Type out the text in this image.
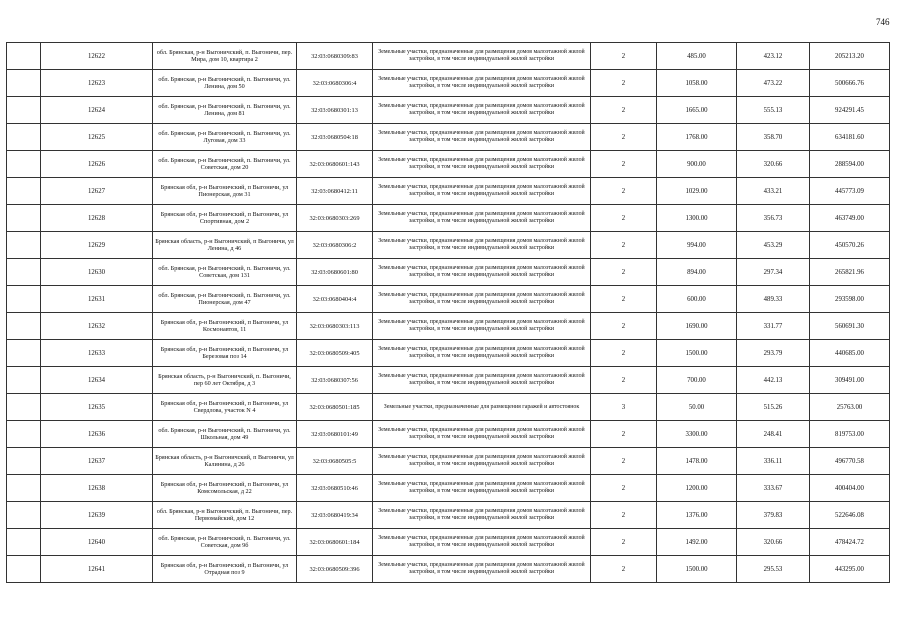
746
	12622	обл. Брянская, р-н Выгоничский, п. Выгоничи, пер. Мира, дом 10, квартира 2	32:03:0680309:83	Земельные участки, предназначенные для размещения домов малоэтажной жилой застройки, в том числе индивидуальной жилой застройки	2	485.00	423.12	205213.20
	12623	обл. Брянская, р-н Выгоничский, п. Выгоничи, ул. Ленина, дом 50	32:03:0680306:4	Земельные участки, предназначенные для размещения домов малоэтажной жилой застройки, в том числе индивидуальной жилой застройки	2	1058.00	473.22	500666.76
	12624	обл. Брянская, р-н Выгоничский, п. Выгоничи, ул. Ленина, дом 81	32:03:0680301:13	Земельные участки, предназначенные для размещения домов малоэтажной жилой застройки, в том числе индивидуальной жилой застройки	2	1665.00	555.13	924291.45
	12625	обл. Брянская, р-н Выгоничский, п. Выгоничи, ул. Луговая, дом 33	32:03:0680504:18	Земельные участки, предназначенные для размещения домов малоэтажной жилой застройки, в том числе индивидуальной жилой застройки	2	1768.00	358.70	634181.60
	12626	обл. Брянская, р-н Выгоничский, п. Выгоничи, ул. Советская, дом 20	32:03:0680601:143	Земельные участки, предназначенные для размещения домов малоэтажной жилой застройки, в том числе индивидуальной жилой застройки	2	900.00	320.66	288594.00
	12627	Брянская обл, р-н Выгоничский, п Выгоничи, ул Пионерская, дом 31	32:03:0680412:11	Земельные участки, предназначенные для размещения домов малоэтажной жилой застройки, в том числе индивидуальной жилой застройки	2	1029.00	433.21	445773.09
	12628	Брянская обл, р-н Выгоничский, п Выгоничи, ул Спортивная, дом 2	32:03:0680303:269	Земельные участки, предназначенные для размещения домов малоэтажной жилой застройки, в том числе индивидуальной жилой застройки	2	1300.00	356.73	463749.00
	12629	Брянская область, р-н Выгоничский, п Выгоничи, ул Ленина, д 46	32:03:0680306:2	Земельные участки, предназначенные для размещения домов малоэтажной жилой застройки, в том числе индивидуальной жилой застройки	2	994.00	453.29	450570.26
	12630	обл. Брянская, р-н Выгоничский, п. Выгоничи, ул. Советская, дом 131	32:03:0680601:80	Земельные участки, предназначенные для размещения домов малоэтажной жилой застройки, в том числе индивидуальной жилой застройки	2	894.00	297.34	265821.96
	12631	обл. Брянская, р-н Выгоничский, п. Выгоничи, ул. Пионерская, дом 47	32:03:0680404:4	Земельные участки, предназначенные для размещения домов малоэтажной жилой застройки, в том числе индивидуальной жилой застройки	2	600.00	489.33	293598.00
	12632	Брянская обл, р-н Выгоничский, п Выгоничи, ул Космонавтов, 11	32:03:0680303:113	Земельные участки, предназначенные для размещения домов малоэтажной жилой застройки, в том числе индивидуальной жилой застройки	2	1690.00	331.77	560691.30
	12633	Брянская обл, р-н Выгоничский, п Выгоничи, ул Березовая поз 14	32:03:0680509:405	Земельные участки, предназначенные для размещения домов малоэтажной жилой застройки, в том числе индивидуальной жилой застройки	2	1500.00	293.79	440685.00
	12634	Брянская область, р-н Выгоничский, п. Выгоничи, пер 60 лет Октября, д 3	32:03:0680307:56	Земельные участки, предназначенные для размещения домов малоэтажной жилой застройки, в том числе индивидуальной жилой застройки	2	700.00	442.13	309491.00
	12635	Брянская обл, р-н Выгоничский, п Выгоничи, ул Свердлова, участок N 4	32:03:0680501:185	Земельные участки, предназначенные для размещения гаражей и автостоянок	3	50.00	515.26	25763.00
	12636	обл. Брянская, р-н Выгоничский, п. Выгоничи, ул. Школьная, дом 49	32:03:0680101:49	Земельные участки, предназначенные для размещения домов малоэтажной жилой застройки, в том числе индивидуальной жилой застройки	2	3300.00	248.41	819753.00
	12637	Брянская область, р-н Выгоничский, п Выгоничи, ул Калинина, д 26	32:03:0680505:5	Земельные участки, предназначенные для размещения домов малоэтажной жилой застройки, в том числе индивидуальной жилой застройки	2	1478.00	336.11	496770.58
	12638	Брянская обл, р-н Выгоничский, п Выгоничи, ул Комсомольская, д 22	32:03:0680510:46	Земельные участки, предназначенные для размещения домов малоэтажной жилой застройки, в том числе индивидуальной жилой застройки	2	1200.00	333.67	400404.00
	12639	обл. Брянская, р-н Выгоничский, п. Выгоничи, пер. Первомайский, дом 12	32:03:0680419:34	Земельные участки, предназначенные для размещения домов малоэтажной жилой застройки, в том числе индивидуальной жилой застройки	2	1376.00	379.83	522646.08
	12640	обл. Брянская, р-н Выгоничский, п. Выгоничи, ул. Советская, дом 9б	32:03:0680601:184	Земельные участки, предназначенные для размещения домов малоэтажной жилой застройки, в том числе индивидуальной жилой застройки	2	1492.00	320.66	478424.72
	12641	Брянская обл, р-н Выгоничский, п Выгоничи, ул Отрадная поз 9	32:03:0680509:396	Земельные участки, предназначенные для размещения домов малоэтажной жилой застройки, в том числе индивидуальной жилой застройки	2	1500.00	295.53	443295.00
